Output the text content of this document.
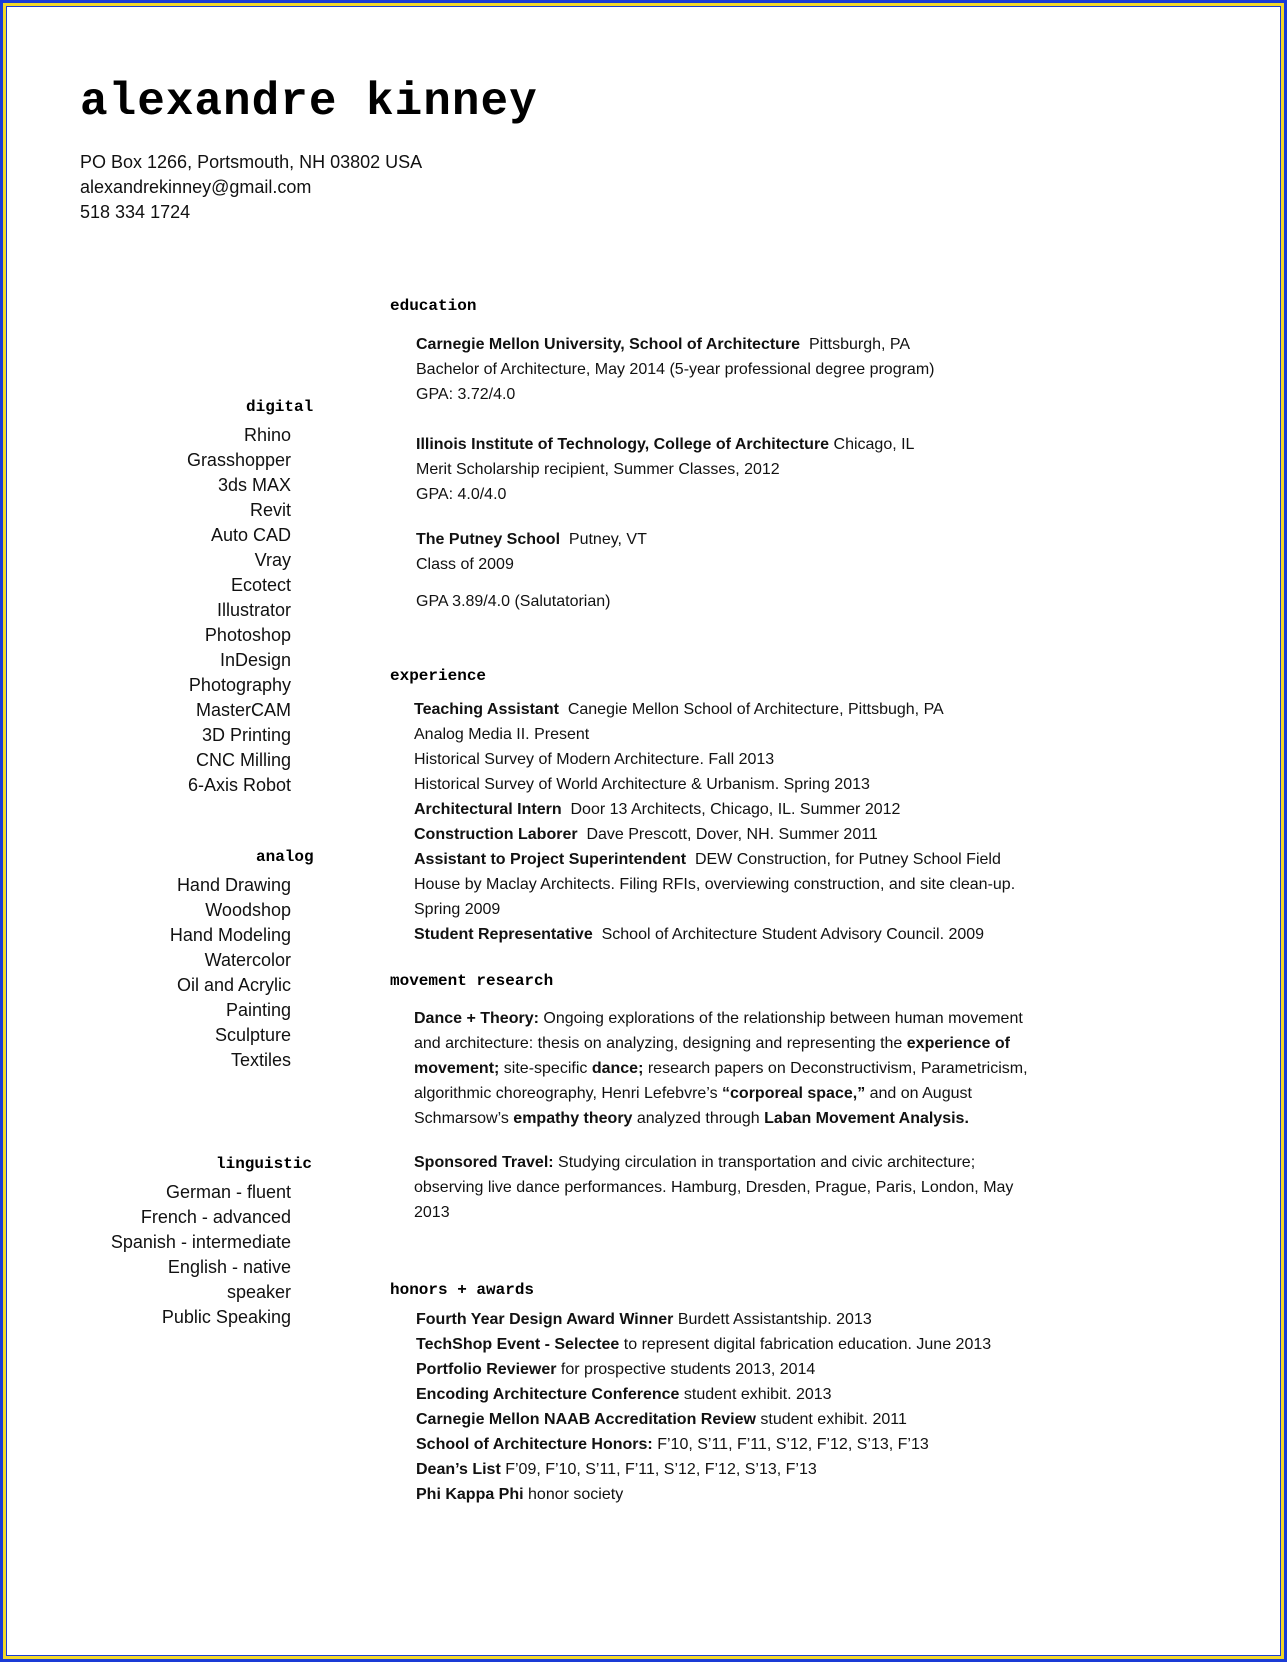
alexandre kinney
PO Box 1266, Portsmouth, NH 03802 USA
alexandrekinney@gmail.com
518 334 1724
digital
Rhino
Grasshopper
3ds MAX
Revit
Auto CAD
Vray
Ecotect
Illustrator
Photoshop
InDesign
Photography
MasterCAM
3D Printing
CNC Milling
6-Axis Robot
analog
Hand Drawing
Woodshop
Hand Modeling
Watercolor
Oil and Acrylic
Painting
Sculpture
Textiles
linguistic
German - fluent
French - advanced
Spanish - intermediate
English - native
speaker
Public Speaking
education
Carnegie Mellon University, School of Architecture Pittsburgh, PA
Bachelor of Architecture, May 2014 (5-year professional degree program)
GPA: 3.72/4.0
Illinois Institute of Technology, College of Architecture Chicago, IL
Merit Scholarship recipient, Summer Classes, 2012
GPA: 4.0/4.0
The Putney School Putney, VT
Class of 2009
GPA 3.89/4.0 (Salutatorian)
experience
Teaching Assistant Canegie Mellon School of Architecture, Pittsbugh, PA
Analog Media II. Present
Historical Survey of Modern Architecture. Fall 2013
Historical Survey of World Architecture & Urbanism. Spring 2013
Architectural Intern Door 13 Architects, Chicago, IL. Summer 2012
Construction Laborer Dave Prescott, Dover, NH. Summer 2011
Assistant to Project Superintendent DEW Construction, for Putney School Field
House by Maclay Architects. Filing RFIs, overviewing construction, and site clean-up.
Spring 2009
Student Representative School of Architecture Student Advisory Council. 2009
movement research
Dance + Theory: Ongoing explorations of the relationship between human movement and architecture: thesis on analyzing, designing and representing the experience of movement; site-specific dance; research papers on Deconstructivism, Parametricism, algorithmic choreography, Henri Lefebvre’s “corporeal space,” and on August Schmarsow’s empathy theory analyzed through Laban Movement Analysis.
Sponsored Travel: Studying circulation in transportation and civic architecture; observing live dance performances. Hamburg, Dresden, Prague, Paris, London, May 2013
honors + awards
Fourth Year Design Award Winner Burdett Assistantship. 2013
TechShop Event - Selectee to represent digital fabrication education. June 2013
Portfolio Reviewer for prospective students 2013, 2014
Encoding Architecture Conference student exhibit. 2013
Carnegie Mellon NAAB Accreditation Review student exhibit. 2011
School of Architecture Honors: F’10, S’11, F’11, S’12, F’12, S’13, F’13
Dean’s List F’09, F’10, S’11, F’11, S’12, F’12, S’13, F’13
Phi Kappa Phi honor society
